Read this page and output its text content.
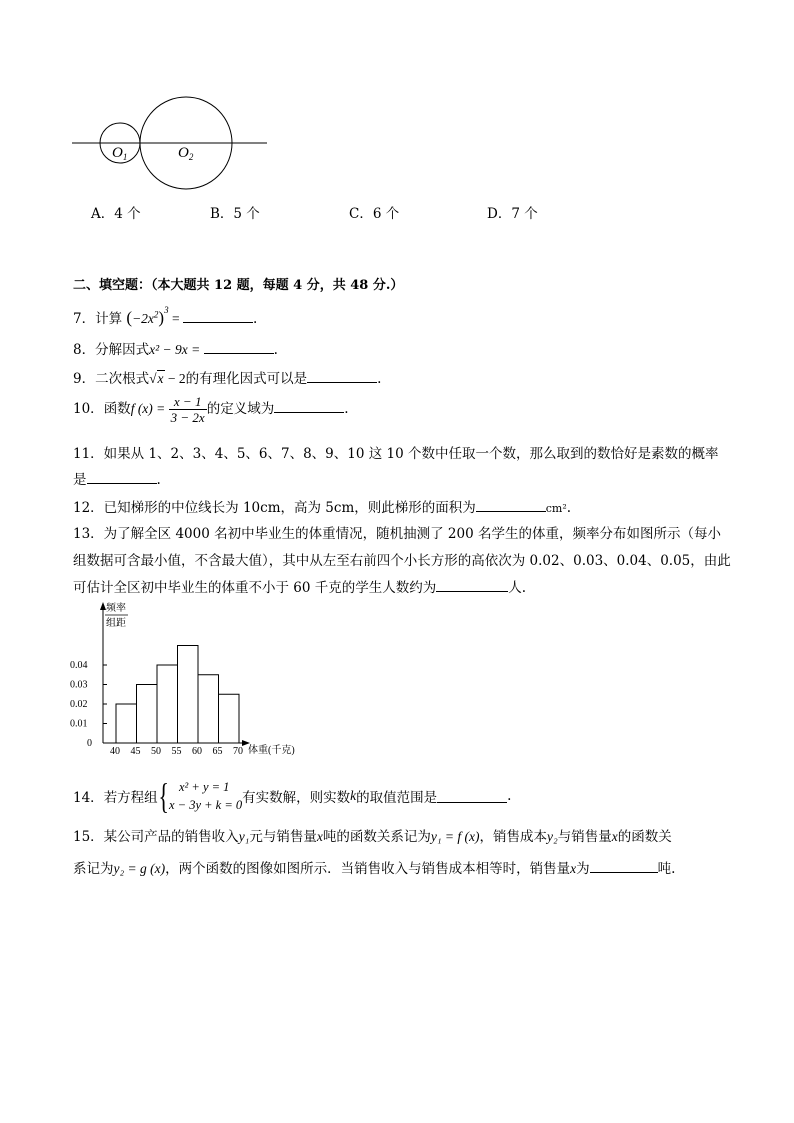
$O_1$	$O_2$
A．4 个	B．5 个	C．6 个	D．7 个
二、填空题：（本大题共 12 题，每题 4 分，共 48 分.）
7．计算 $(-2x^2)^3$ =	.
8．分解因式x² − 9x =	.
9．二次根式√x − 2的有理化因式可以是	.
10．函数f $(x) = \frac{x - 1}{3 - 2x}$ 的定义域为	.
11．如果从 1、2、3、4、5、6、7、8、9、10 这 10 个数中任取一个数，那么取到的数恰好是素数的概率
是	.
12．已知梯形的中位线长为 10cm，高为 5cm，则此梯形的面积为	cm².
13．为了解全区 4000 名初中毕业生的体重情况，随机抽测了 200 名学生的体重，频率分布如图所示（每小
组数据可含最小值，不含最大值），其中从左至右前四个小长方形的高依次为 0.02、0.03、0.04、0.05，由此
可估计全区初中毕业生的体重不小于 60 千克的学生人数约为	人.
频率
组距
0
体重(千克)
40 45 50 55 60 65 70
0.01
0.02
0.03
0.04
14．若方程组{ x² + y = 1
x − 3y + k = 0 有实数解，则实数k的取值范围是	.
15．某公司产品的销售收入y₁元与销售量x吨的函数关系记为y₁ = f (x)，销售成本y₂与销售量x的函数关
系记为y₂ = g (x)，两个函数的图像如图所示．当销售收入与销售成本相等时，销售量x为	吨.
